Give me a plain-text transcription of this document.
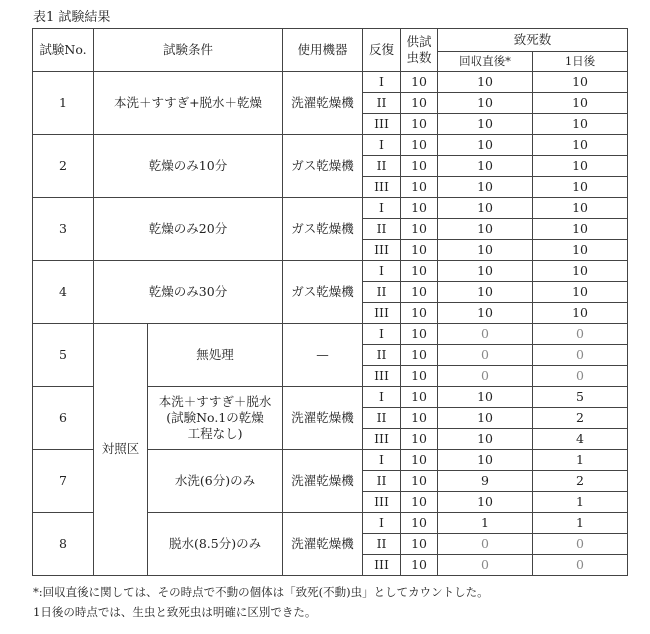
表1 試験結果
試験No.	試験条件		使用機器	反復	供試虫数	致死数	
						回収直後*	1日後
1	本洗＋すすぎ+脱水＋乾燥		洗濯乾燥機	I	10	10	10
				II	10	10	10
				III	10	10	10
2	乾燥のみ10分		ガス乾燥機	I	10	10	10
				II	10	10	10
				III	10	10	10
3	乾燥のみ20分		ガス乾燥機	I	10	10	10
				II	10	10	10
				III	10	10	10
4	乾燥のみ30分		ガス乾燥機	I	10	10	10
				II	10	10	10
				III	10	10	10
5	対照区	無処理	—	I	10	0	0
				II	10	0	0
				III	10	0	0
6		本洗＋すすぎ＋脱水
(試験No.1の乾燥
工程なし)	洗濯乾燥機	I	10	10	5
				II	10	10	2
				III	10	10	4
7		水洗(6分)のみ	洗濯乾燥機	I	10	10	1
				II	10	9	2
				III	10	10	1
8		脱水(8.5分)のみ	洗濯乾燥機	I	10	1	1
				II	10	0	0
				III	10	0	0
*:回収直後に関しては、その時点で不動の個体は「致死(不動)虫」としてカウントした。
1日後の時点では、生虫と致死虫は明確に区別できた。
